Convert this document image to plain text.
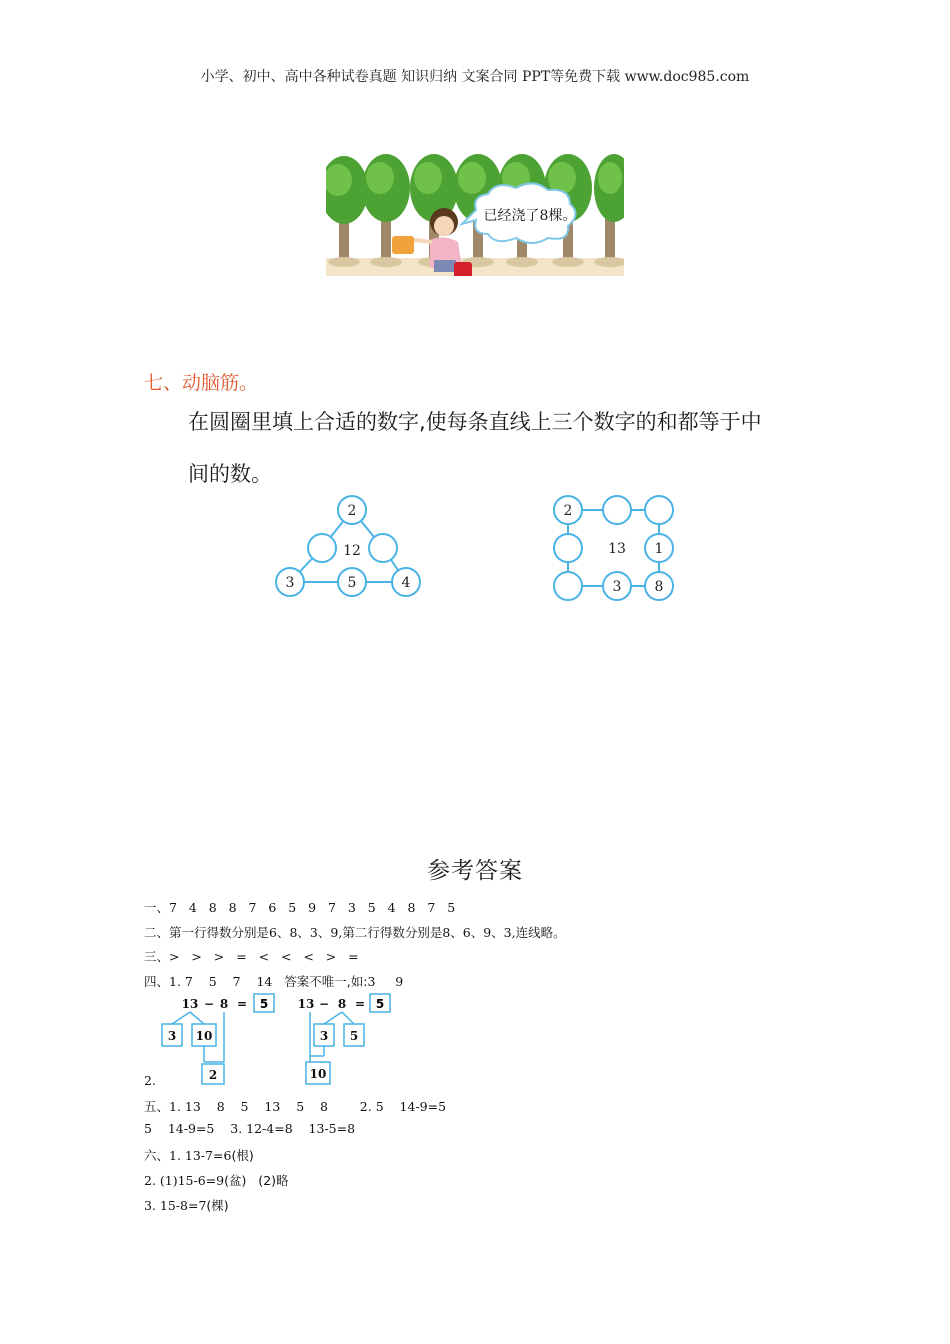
小学、初中、高中各种试卷真题 知识归纳 文案合同 PPT等免费下载 www.doc985.com
已经浇了8棵。
七、动脑筋。
在圆圈里填上合适的数字,使每条直线上三个数字的和都等于中
间的数。
2
3	5	4
12
2
1
3 8
13
参考答案
一、7   4   8   8   7   6   5   9   7   3   5   4   8   7   5
二、第一行得数分别是6、8、3、9,第二行得数分别是8、6、9、3,连线略。
三、>   >   >   =   <   <   <   >   =
四、1. 7    5    7    14   答案不唯一,如:3     9
13 − 8 = 5
3 10
2
13 − 8 = 5
3 5
10
2.
五、1. 13    8    5    13    5    8        2. 5    14-9=5
5    14-9=5    3. 12-4=8    13-5=8
六、1. 13-7=6(根)
2. (1)15-6=9(盆)   (2)略
3. 15-8=7(棵)
